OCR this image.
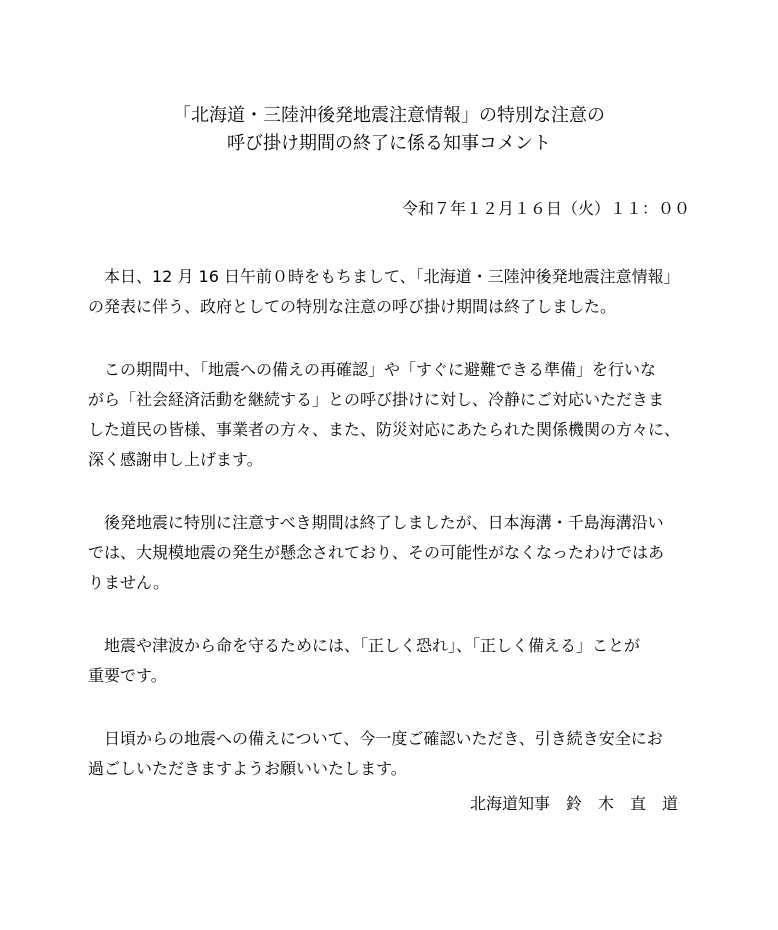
「北海道・三陸沖後発地震注意情報」の特別な注意の
呼び掛け期間の終了に係る知事コメント
令和７年１２月１６日（火）１１：００
　本日、12 月 16 日午前０時をもちまして、「北海道・三陸沖後発地震注意情報」
の発表に伴う、政府としての特別な注意の呼び掛け期間は終了しました。
　この期間中、「地震への備えの再確認」や「すぐに避難できる準備」を行いな
がら「社会経済活動を継続する」との呼び掛けに対し、冷静にご対応いただきま
した道民の皆様、事業者の方々、また、防災対応にあたられた関係機関の方々に、
深く感謝申し上げます。
　後発地震に特別に注意すべき期間は終了しましたが、日本海溝・千島海溝沿い
では、大規模地震の発生が懸念されており、その可能性がなくなったわけではあ
りません。
　地震や津波から命を守るためには、「正しく恐れ」、「正しく備える」ことが
重要です。
　日頃からの地震への備えについて、今一度ご確認いただき、引き続き安全にお
過ごしいただきますようお願いいたします。
北海道知事　鈴　木　直　道
